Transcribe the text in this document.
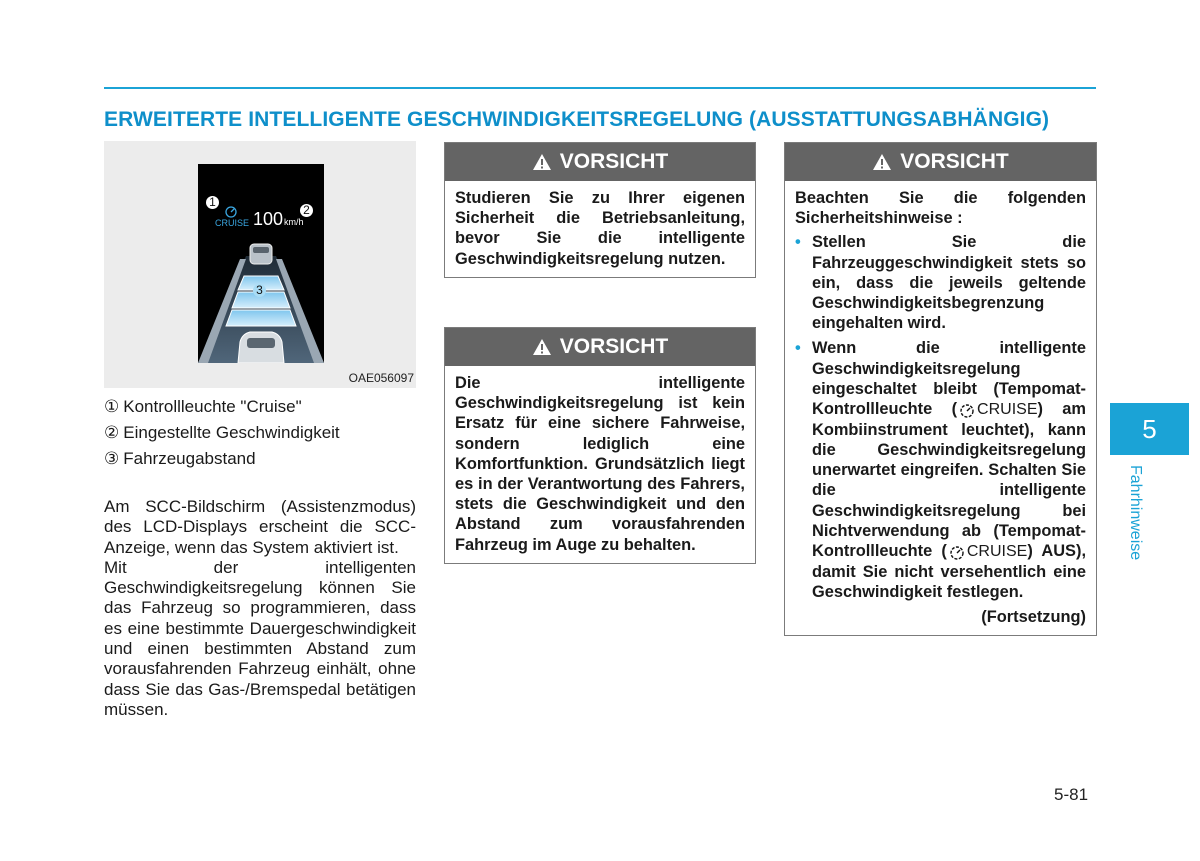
ERWEITERTE INTELLIGENTE GESCHWINDIGKEITSREGELUNG (AUSSTATTUNGSABHÄNGIG)
CRUISE 100 km/h
1
2
3
OAE056097
① Kontrollleuchte "Cruise"
② Eingestellte Geschwindigkeit
③ Fahrzeugabstand

Am SCC-Bildschirm (Assistenzmodus) des LCD-Displays erscheint die SCC-Anzeige, wenn das System aktiviert ist.

Mit der intelligenten Geschwindigkeitsregelung können Sie das Fahrzeug so programmieren, dass es eine bestimmte Dauergeschwindigkeit und einen bestimmten Abstand zum vorausfahrenden Fahrzeug einhält, ohne dass Sie das Gas-/Bremspedal betätigen müssen.

VORSICHT

Studieren Sie zu Ihrer eigenen Sicherheit die Betriebsanleitung, bevor Sie die intelligente Geschwindigkeitsregelung nutzen.

VORSICHT

Die intelligente Geschwindigkeitsregelung ist kein Ersatz für eine sichere Fahrweise, sondern lediglich eine Komfortfunktion. Grundsätzlich liegt es in der Verantwortung des Fahrers, stets die Geschwindigkeit und den Abstand zum vorausfahrenden Fahrzeug im Auge zu behalten.

VORSICHT

Beachten Sie die folgenden Sicherheitshinweise :

• Stellen Sie die Fahrzeuggeschwindigkeit stets so ein, dass die jeweils geltende Geschwindigkeitsbegrenzung eingehalten wird.
• Wenn die intelligente Geschwindigkeitsregelung eingeschaltet bleibt (Tempomat-Kontrollleuchte ( CRUISE ) am Kombiinstrument leuchtet), kann die Geschwindigkeitsregelung unerwartet eingreifen. Schalten Sie die intelligente Geschwindigkeitsregelung bei Nichtverwendung ab (Tempomat-Kontrollleuchte ( CRUISE ) AUS), damit Sie nicht versehentlich eine Geschwindigkeit festlegen.

(Fortsetzung)

5
Fahrhinweise
5-81
